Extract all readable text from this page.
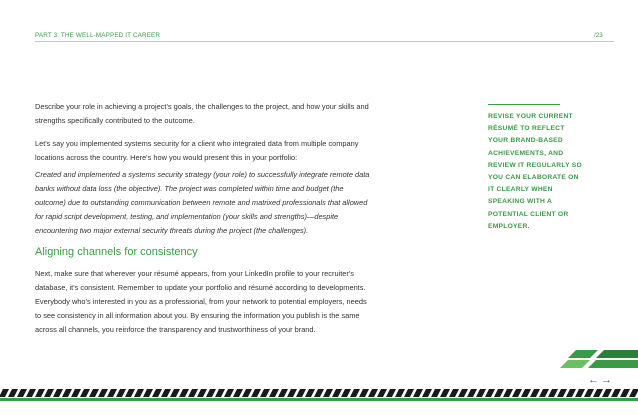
PART 3: THE WELL-MAPPED IT CAREER	/23

Describe your role in achieving a project's goals, the challenges to the project, and how your skills and strengths specifically contributed to the outcome.

Let's say you implemented systems security for a client who integrated data from multiple company locations across the country. Here's how you would present this in your portfolio:

Created and implemented a systems security strategy (your role) to successfully integrate remote data banks without data loss (the objective). The project was completed within time and budget (the outcome) due to outstanding communication between remote and matrixed professionals that allowed for rapid script development, testing, and implementation (your skills and strengths)—despite encountering two major external security threats during the project (the challenges).

Aligning channels for consistency

Next, make sure that wherever your résumé appears, from your LinkedIn profile to your recruiter's database, it's consistent. Remember to update your portfolio and résumé according to developments. Everybody who's interested in you as a professional, from your network to potential employers, needs to see consistency in all information about you. By ensuring the information you publish is the same across all channels, you reinforce the transparency and trustworthiness of your brand.

REVISE YOUR CURRENT RÉSUMÉ TO REFLECT YOUR BRAND-BASED ACHIEVEMENTS, AND REVIEW IT REGULARLY SO YOU CAN ELABORATE ON IT CLEARLY WHEN SPEAKING WITH A POTENTIAL CLIENT OR EMPLOYER.
← →
